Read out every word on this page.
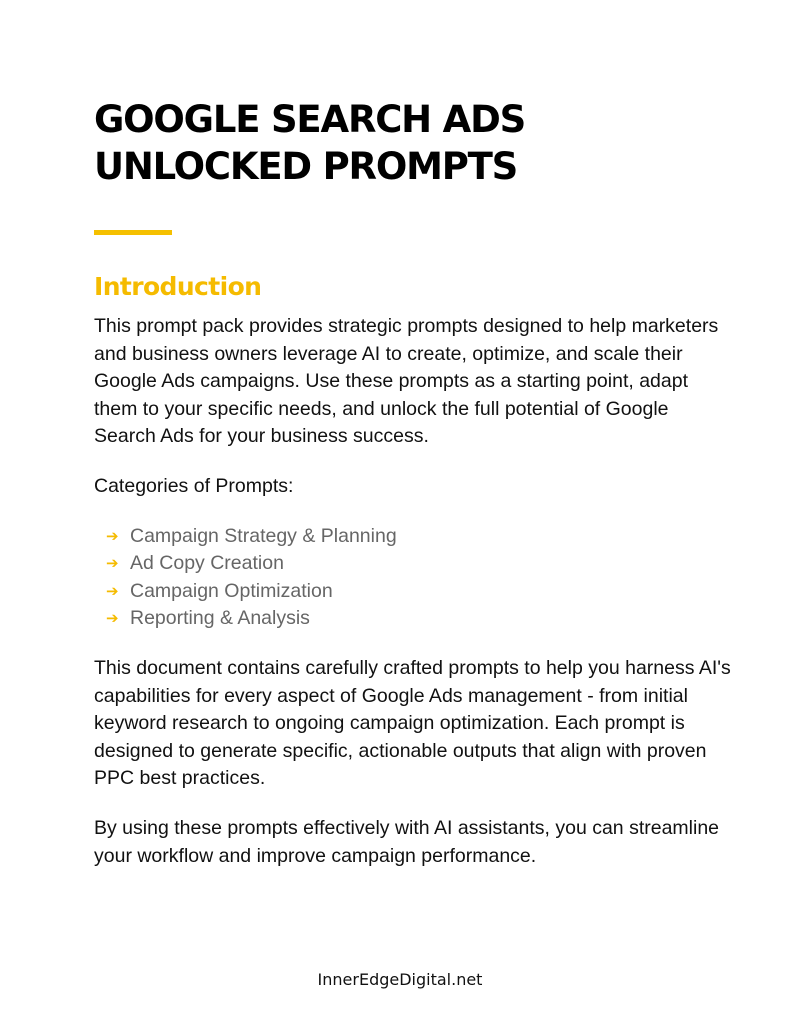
GOOGLE SEARCH ADS
UNLOCKED PROMPTS
Introduction

This prompt pack provides strategic prompts designed to help marketers and business owners leverage AI to create, optimize, and scale their Google Ads campaigns. Use these prompts as a starting point, adapt them to your specific needs, and unlock the full potential of Google Search Ads for your business success.

Categories of Prompts:

➔ Campaign Strategy & Planning
➔ Ad Copy Creation
➔ Campaign Optimization
➔ Reporting & Analysis

This document contains carefully crafted prompts to help you harness AI's capabilities for every aspect of Google Ads management - from initial keyword research to ongoing campaign optimization. Each prompt is designed to generate specific, actionable outputs that align with proven PPC best practices.

By using these prompts effectively with AI assistants, you can streamline your workflow and improve campaign performance.

InnerEdgeDigital.net
